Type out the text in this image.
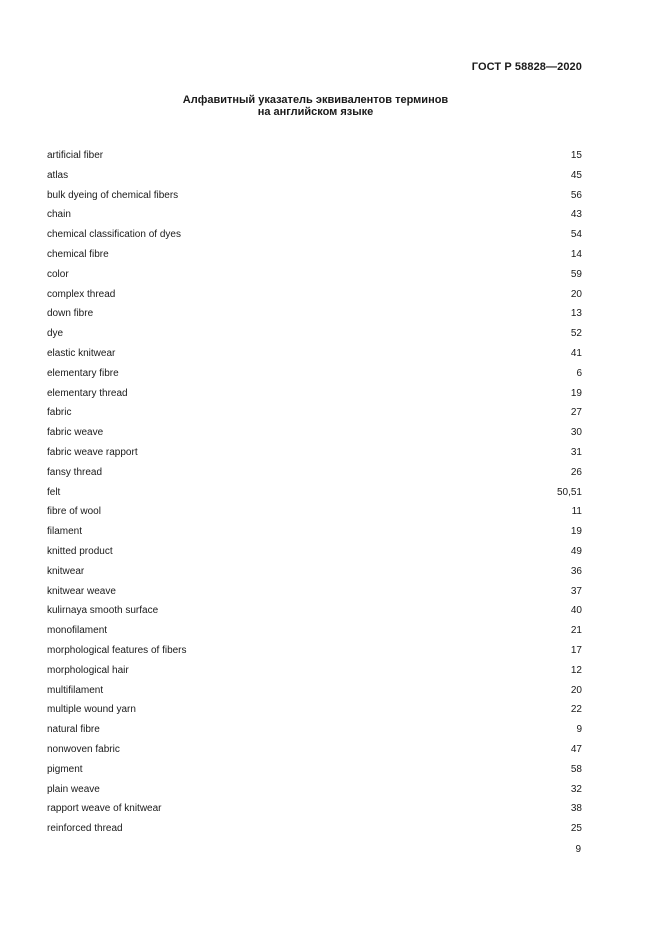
ГОСТ Р 58828—2020
Алфавитный указатель эквивалентов терминов
на английском языке
artificial fiber	15
atlas	45
bulk dyeing of chemical fibers	56
chain	43
chemical classification of dyes	54
chemical fibre	14
color	59
complex thread	20
down fibre	13
dye	52
elastic knitwear	41
elementary fibre	6
elementary thread	19
fabric	27
fabric weave	30
fabric weave rapport	31
fansy thread	26
felt	50,51
fibre of wool	11
filament	19
knitted product	49
knitwear	36
knitwear weave	37
kulirnaya smooth surface	40
monofilament	21
morphological features of fibers	17
morphological hair	12
multifilament	20
multiple wound yarn	22
natural fibre	9
nonwoven fabric	47
pigment	58
plain weave	32
rapport weave of knitwear	38
reinforced thread	25
9
